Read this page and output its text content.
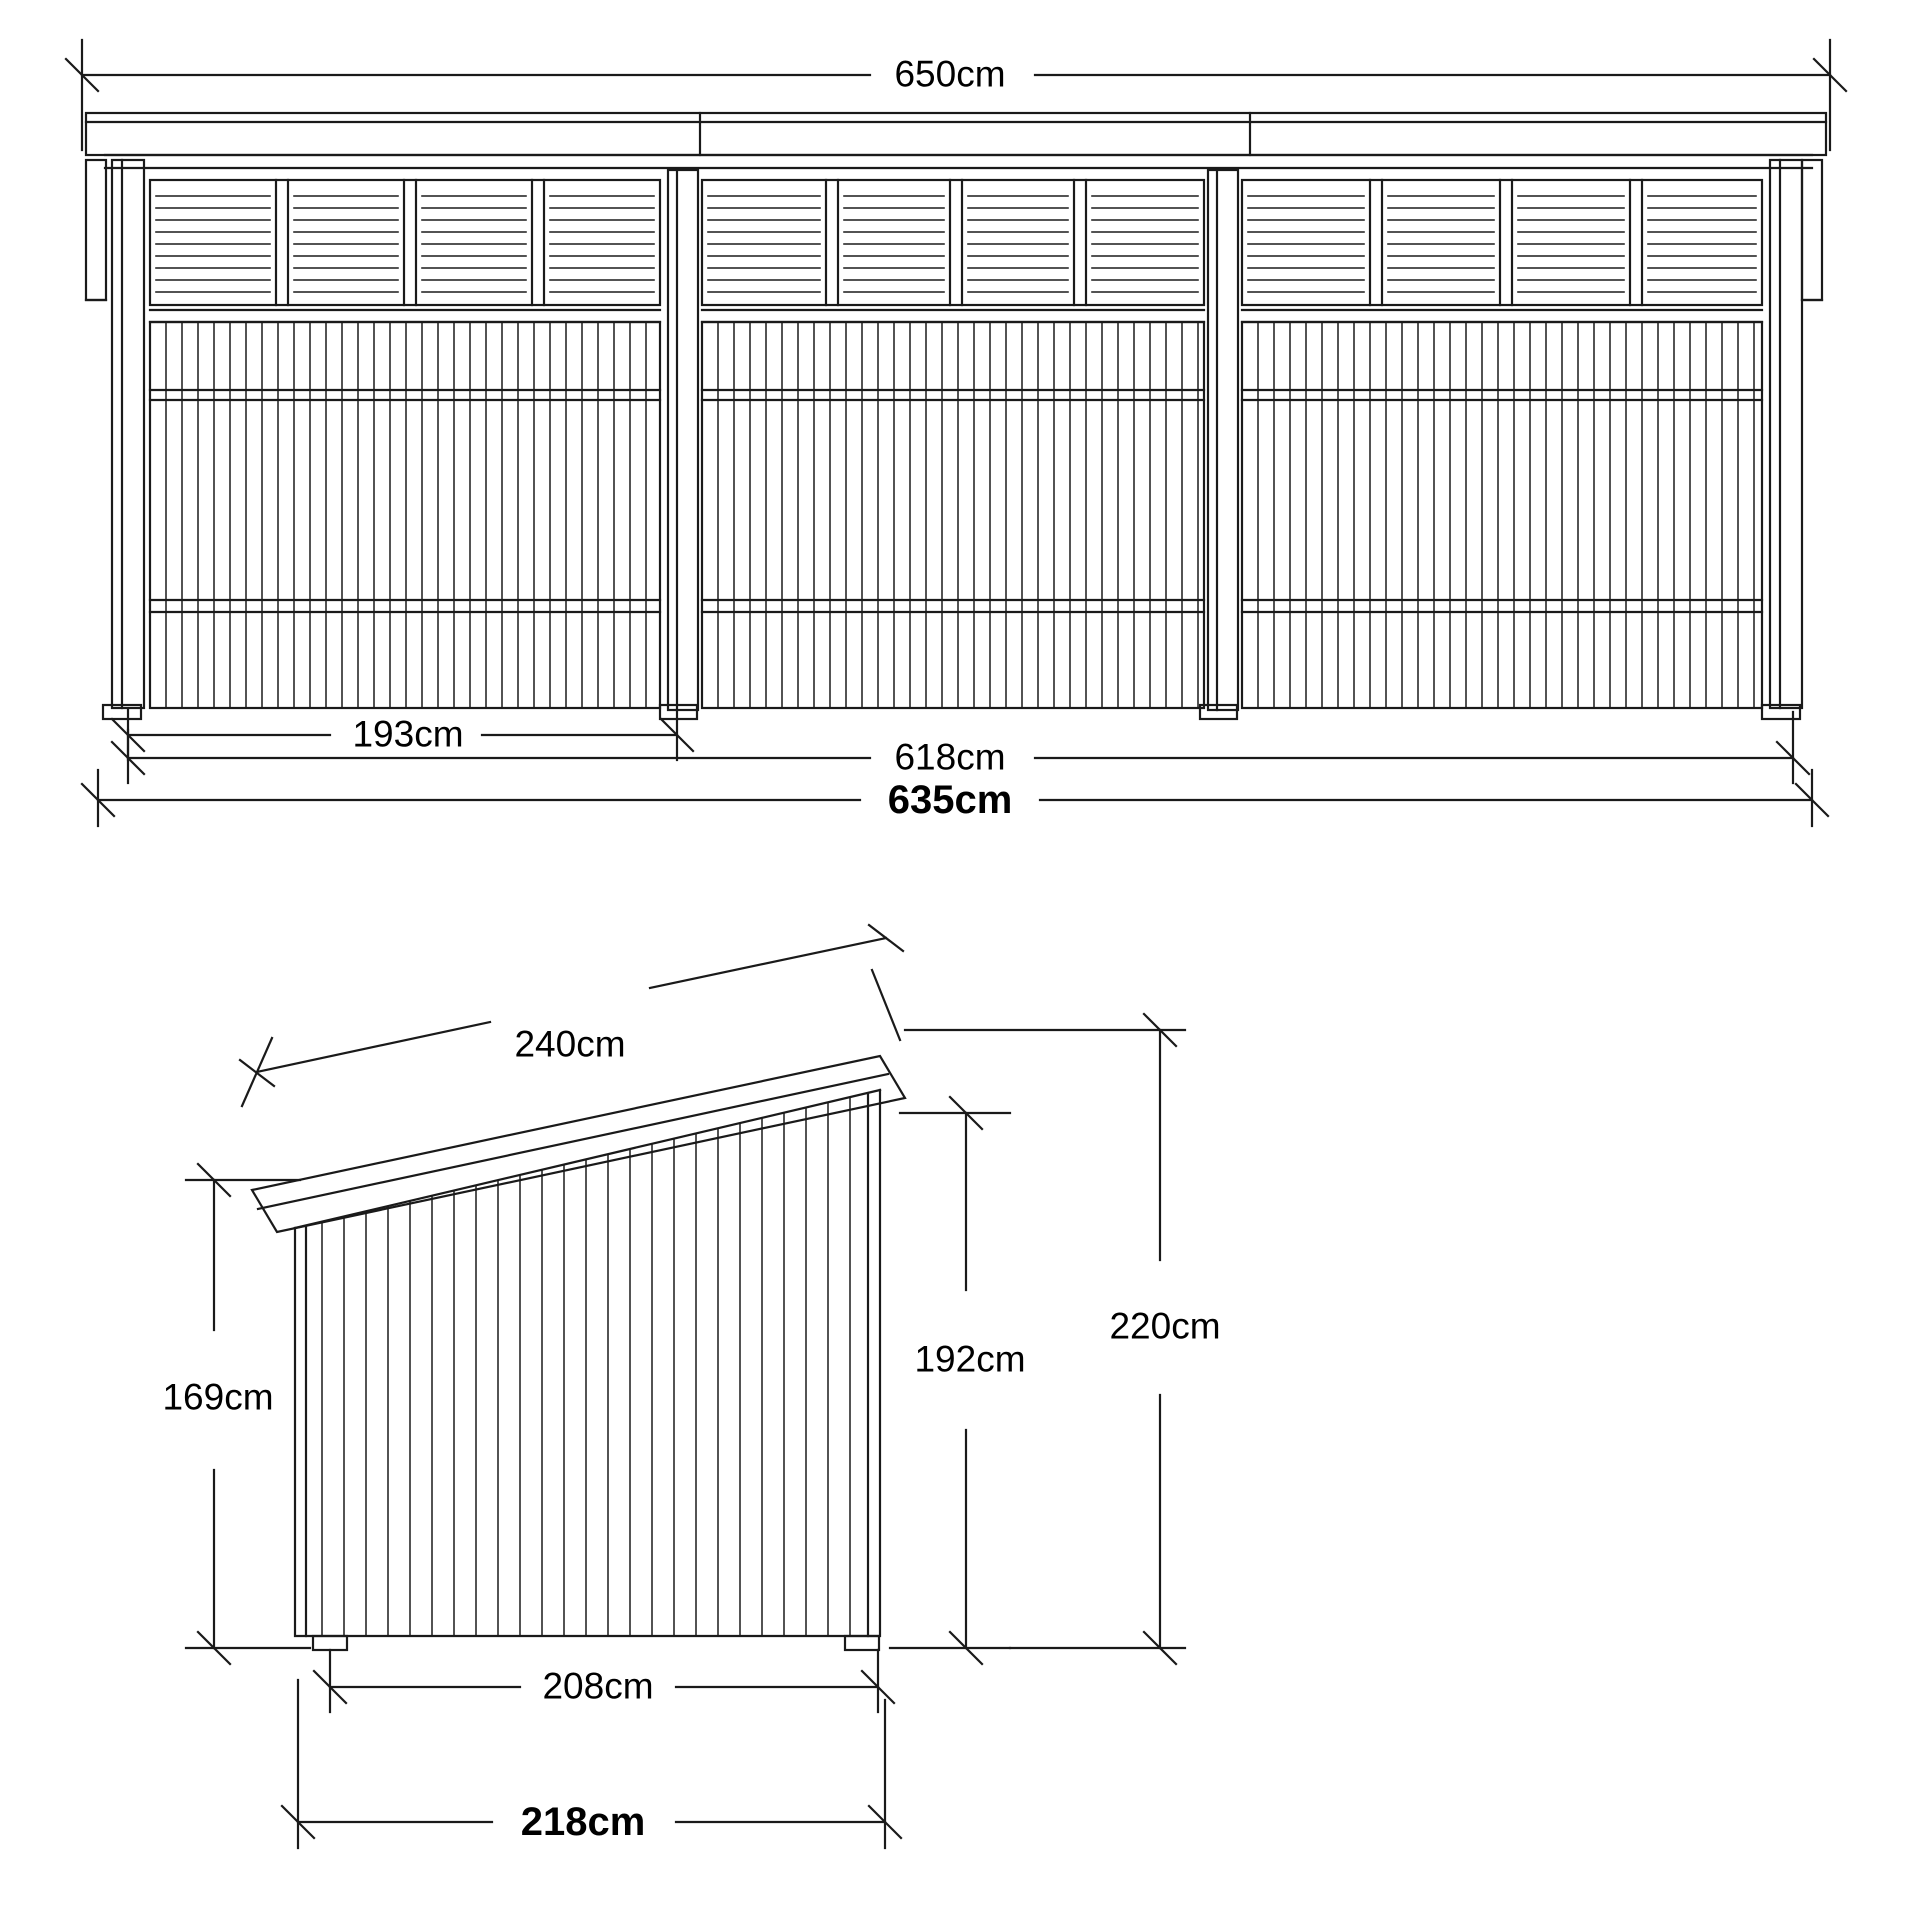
650cm
193cm
618cm
635cm
240cm
169cm
192cm
220cm
208cm
218cm
